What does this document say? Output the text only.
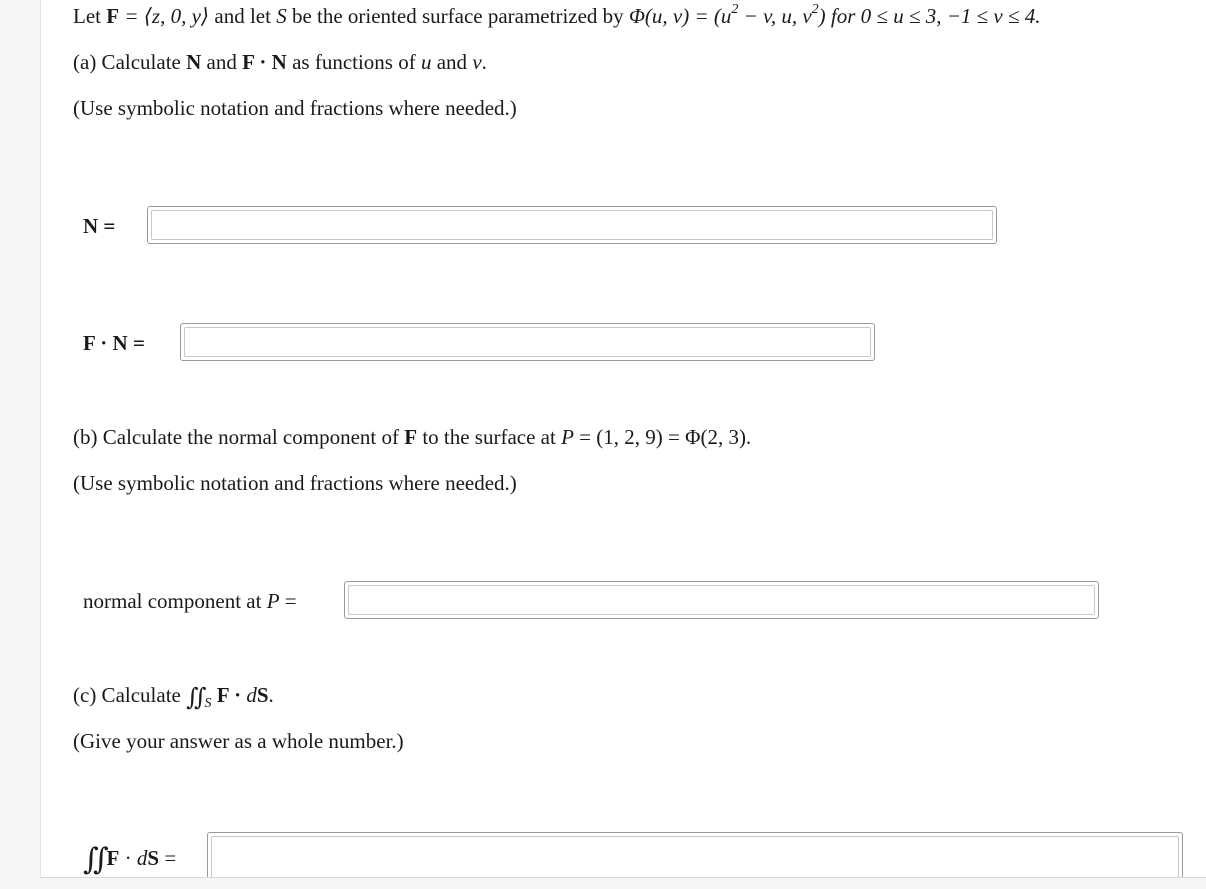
Let F = ⟨z, 0, y⟩ and let S be the oriented surface parametrized by Φ(u, $v) = (u^2 - v$, u, $v^2$) for 0 ≤ u ≤ 3, −1 ≤ v ≤ 4.
(a) Calculate N and F · N as functions of u and v.
(Use symbolic notation and fractions where needed.)
N =
F · N =
(b) Calculate the normal component of F to the surface at P = (1, 2, 9) = Φ(2, 3).
(Use symbolic notation and fractions where needed.)
normal component at P =
(c) Calculate ∬ $_S$ F · dS.
(Give your answer as a whole number.)
∬ F · dS =
